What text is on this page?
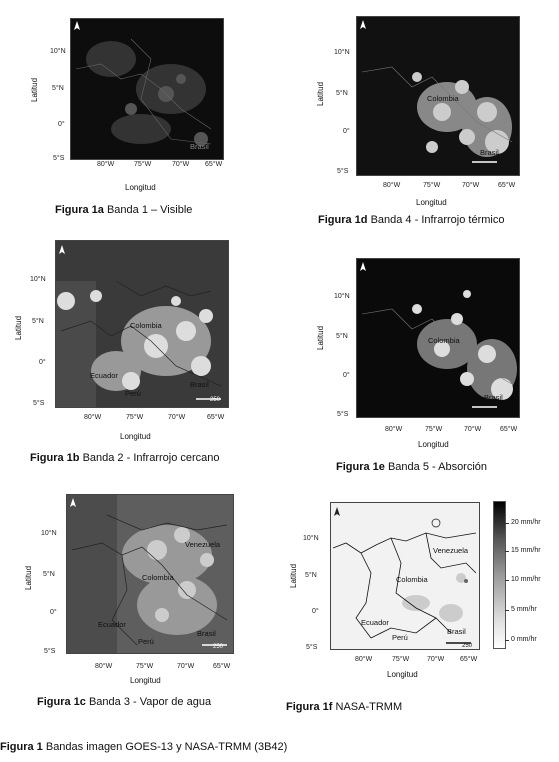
10°N
5°N
0°
5°S
80°W	75°W	70°W 65°W
Latitud
Longitud
Brasil
Figura 1a Banda 1 – Visible
10°N
5°N
0°
5°S
80°W	75°W	70°W	65°W
Latitud
Longitud
Colombia
Brasil
Figura 1d Banda 4 - Infrarrojo térmico
10°N
5°N
0°
5°S
80°W	75°W	70°W	65°W
Latitud
Longitud
Colombia
Ecuador
Perú
Brasil
250
Figura 1b Banda 2 - Infrarrojo cercano
10°N
5°N
0°
5°S
80°W	75°W	70°W	65°W
Latitud
Longitud
Colombia
Brasil
Figura 1e Banda 5 - Absorción
10°N
5°N
0°
5°S
80°W	75°W	70°W	65°W
Latitud
Longitud
Venezuela
Colombia
Ecuador
Perú
Brasil
250
Figura 1c Banda 3 - Vapor de agua
10°N
5°N
0°
5°S
80°W	75°W	70°W 65°W
Latitud
Longitud
Venezuela
Colombia
Ecuador
Perú
Brasil
250
20 mm/hr
15 mm/hr
10 mm/hr
5 mm/hr
0 mm/hr
Figura 1f NASA-TRMM
Figura 1 Bandas imagen GOES-13 y NASA-TRMM (3B42)
